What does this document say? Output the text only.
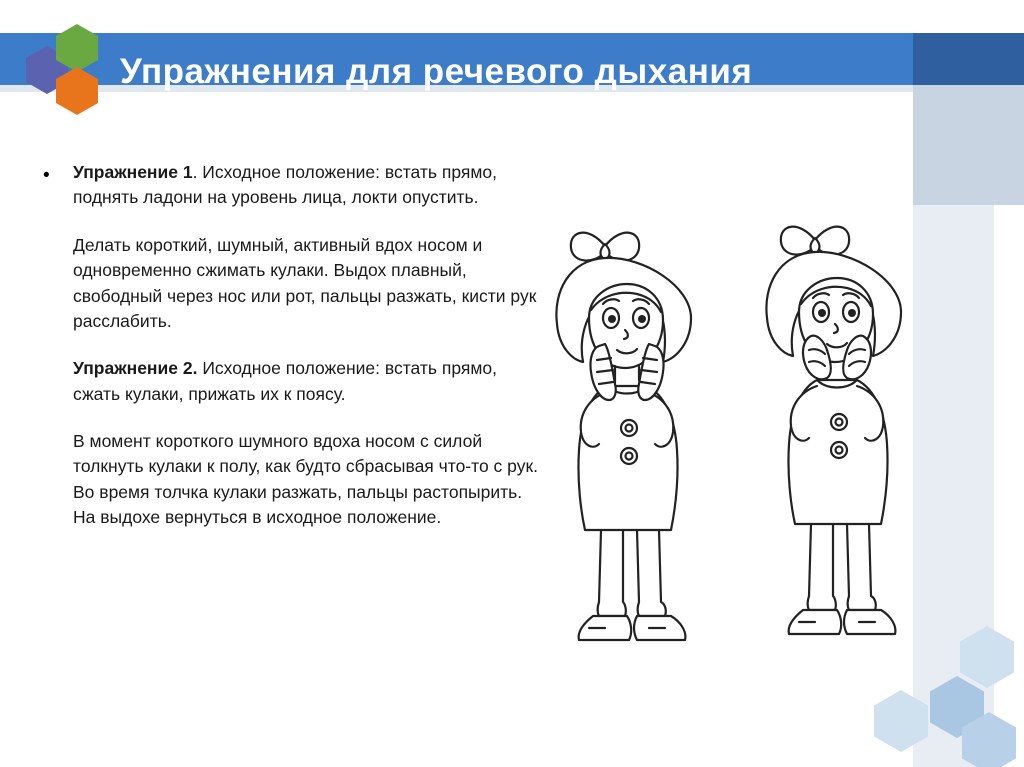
Упражнения для речевого дыхания
• Упражнение 1. Исходное положение: встать прямо, поднять ладони на уровень лица, локти опустить.

Делать короткий, шумный, активный вдох носом и одновременно сжимать кулаки. Выдох плавный, свободный через нос или рот, пальцы разжать, кисти рук расслабить.

Упражнение 2. Исходное положение: встать прямо, сжать кулаки, прижать их к поясу.

В момент короткого шумного вдоха носом с силой толкнуть кулаки к полу, как будто сбрасывая что-то с рук. Во время толчка кулаки разжать, пальцы растопырить. На выдохе вернуться в исходное положение.
